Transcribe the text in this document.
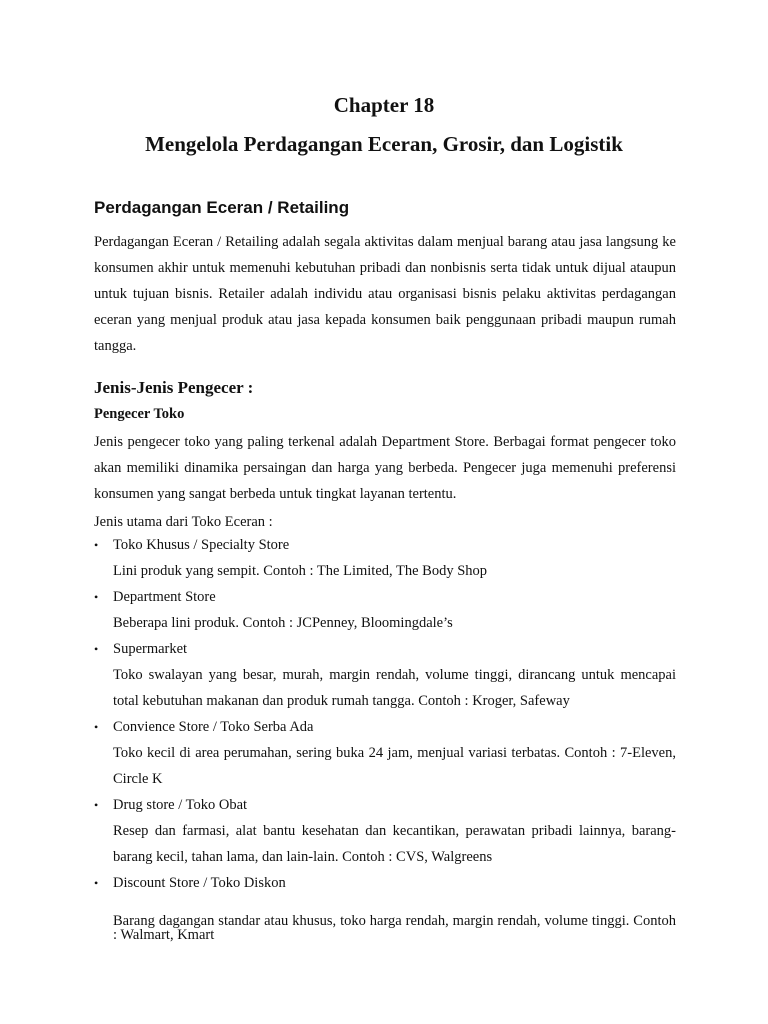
Chapter 18
Mengelola Perdagangan Eceran, Grosir, dan Logistik
Perdagangan Eceran / Retailing
Perdagangan Eceran / Retailing adalah segala aktivitas dalam menjual barang atau jasa langsung ke konsumen akhir untuk memenuhi kebutuhan pribadi dan nonbisnis serta tidak untuk dijual ataupun untuk tujuan bisnis. Retailer adalah individu atau organisasi bisnis pelaku aktivitas perdagangan eceran yang menjual produk atau jasa kepada konsumen baik penggunaan pribadi maupun rumah tangga.
Jenis-Jenis Pengecer :
Pengecer Toko
Jenis pengecer toko yang paling terkenal adalah Department Store. Berbagai format pengecer toko akan memiliki dinamika persaingan dan harga yang berbeda. Pengecer juga memenuhi preferensi konsumen yang sangat berbeda untuk tingkat layanan tertentu.
Jenis utama dari Toko Eceran :
• Toko Khusus / Specialty Store
Lini produk yang sempit. Contoh : The Limited, The Body Shop
• Department Store
Beberapa lini produk. Contoh : JCPenney, Bloomingdale’s
• Supermarket
Toko swalayan yang besar, murah, margin rendah, volume tinggi, dirancang untuk mencapai total kebutuhan makanan dan produk rumah tangga. Contoh : Kroger, Safeway
• Convience Store / Toko Serba Ada
Toko kecil di area perumahan, sering buka 24 jam, menjual variasi terbatas. Contoh : 7-Eleven, Circle K
• Drug store / Toko Obat
Resep dan farmasi, alat bantu kesehatan dan kecantikan, perawatan pribadi lainnya, barang-barang kecil, tahan lama, dan lain-lain. Contoh : CVS, Walgreens
• Discount Store / Toko Diskon
Barang dagangan standar atau khusus, toko harga rendah, margin rendah, volume tinggi. Contoh : Walmart, Kmart
